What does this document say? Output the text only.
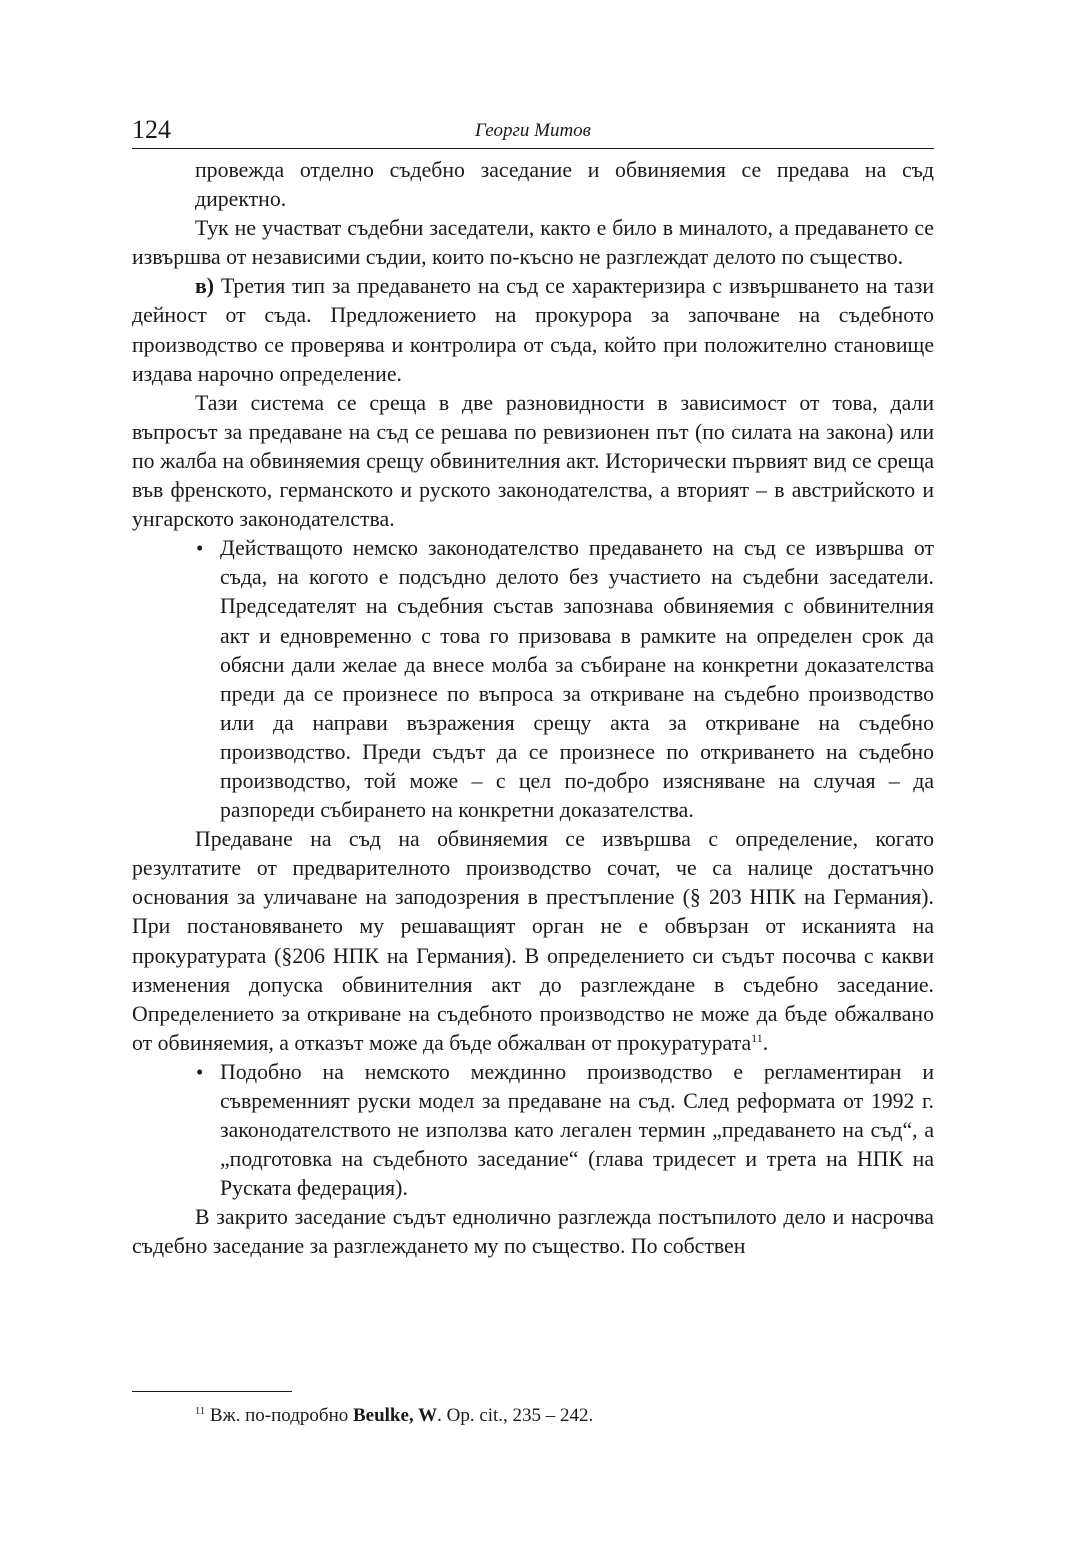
124	Георги Митов

провежда отделно съдебно заседание и обвиняемия се предава на съд директно.

Тук не участват съдебни заседатели, както е било в миналото, а предаването се извършва от независими съдии, които по-късно не разглеждат делото по същество.

в) Третия тип за предаването на съд се характеризира с извършването на тази дейност от съда. Предложението на прокурора за започване на съдебното производство се проверява и контролира от съда, който при положително становище издава нарочно определение.

Тази система се среща в две разновидности в зависимост от това, дали въпросът за предаване на съд се решава по ревизионен път (по силата на закона) или по жалба на обвиняемия срещу обвинителния акт. Исторически първият вид се среща във френското, германското и руското законодателства, а вторият – в австрийското и унгарското законодателства.

• Действащото немско законодателство предаването на съд се извършва от съда, на когото е подсъдно делото без участието на съдебни заседатели. Председателят на съдебния състав запознава обвиняемия с обвинителния акт и едновременно с това го призовава в рамките на определен срок да обясни дали желае да внесе молба за събиране на конкретни доказателства преди да се произнесе по въпроса за откриване на съдебно производство или да направи възражения срещу акта за откриване на съдебно производство. Преди съдът да се произнесе по откриването на съдебно производство, той може – с цел по-добро изясняване на случая – да разпореди събирането на конкретни доказателства.

Предаване на съд на обвиняемия се извършва с определение, когато резултатите от предварителното производство сочат, че са налице достатъчно основания за уличаване на заподозрения в престъпление (§ 203 НПК на Германия). При постановяването му решаващият орган не е обвързан от исканията на прокуратурата (§206 НПК на Германия). В определението си съдът посочва с какви изменения допуска обвинителния акт до разглеждане в съдебно заседание. Определението за откриване на съдебното производство не може да бъде обжалвано от обвиняемия, а отказът може да бъде обжалван от прокуратурата$^{11}$.

• Подобно на немското междинно производство е регламентиран и съвременният руски модел за предаване на съд. След реформата от 1992 г. законодателството не използва като легален термин „предаването на съд“, а „подготовка на съдебното заседание“ (глава тридесет и трета на НПК на Руската федерация).

В закрито заседание съдът еднолично разглежда постъпилото дело и насрочва съдебно заседание за разглеждането му по същество. По собствен

$^{11}$ Вж. по-подробно Beulke, W. Op. cit., 235 – 242.
